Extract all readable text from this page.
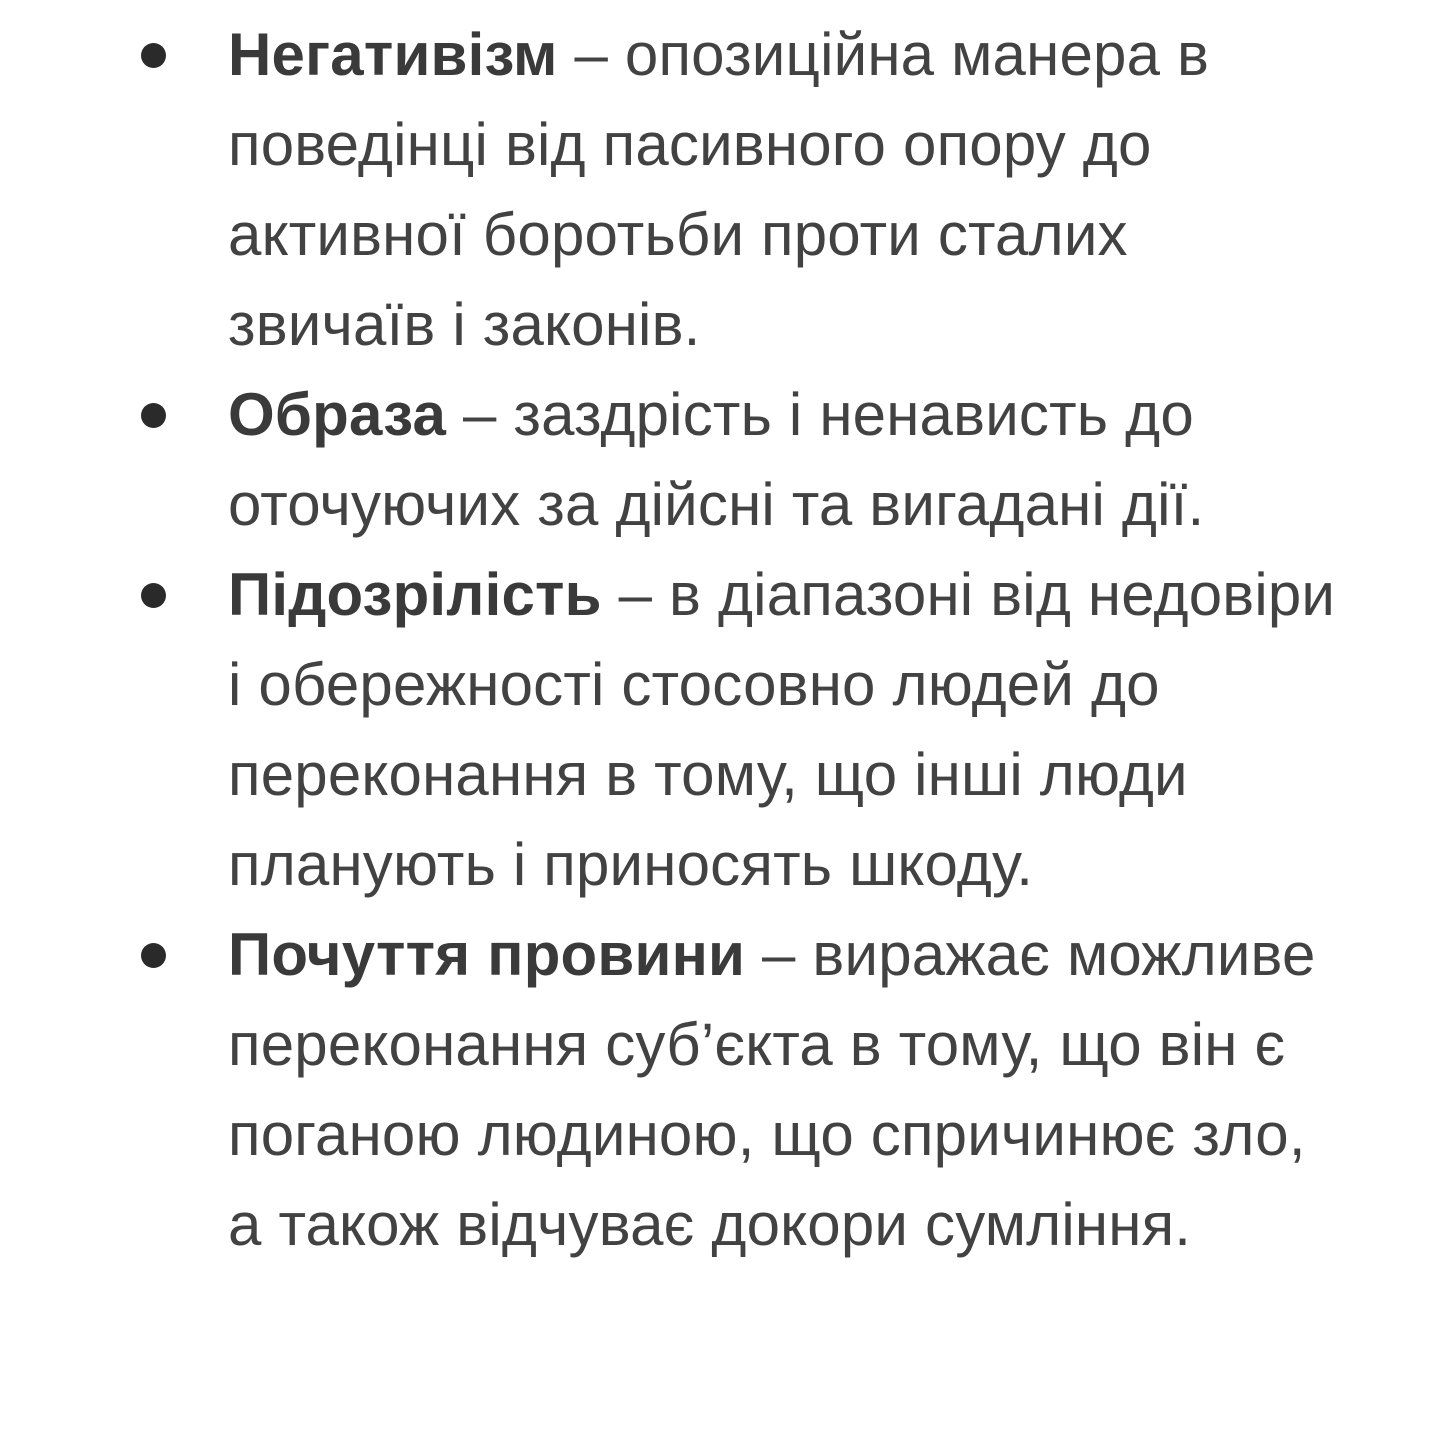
Негативізм – опозиційна манера в поведінці від пасивного опору до активної боротьби проти сталих звичаїв і законів.
Образа – заздрість і ненависть до оточуючих за дійсні та вигадані дії.
Підозрілість – в діапазоні від недовіри і обережності стосовно людей до переконання в тому, що інші люди планують і приносять шкоду.
Почуття провини – виражає можливе переконання суб’єкта в тому, що він є поганою людиною, що спричинює зло, а також відчуває докори сумління.
